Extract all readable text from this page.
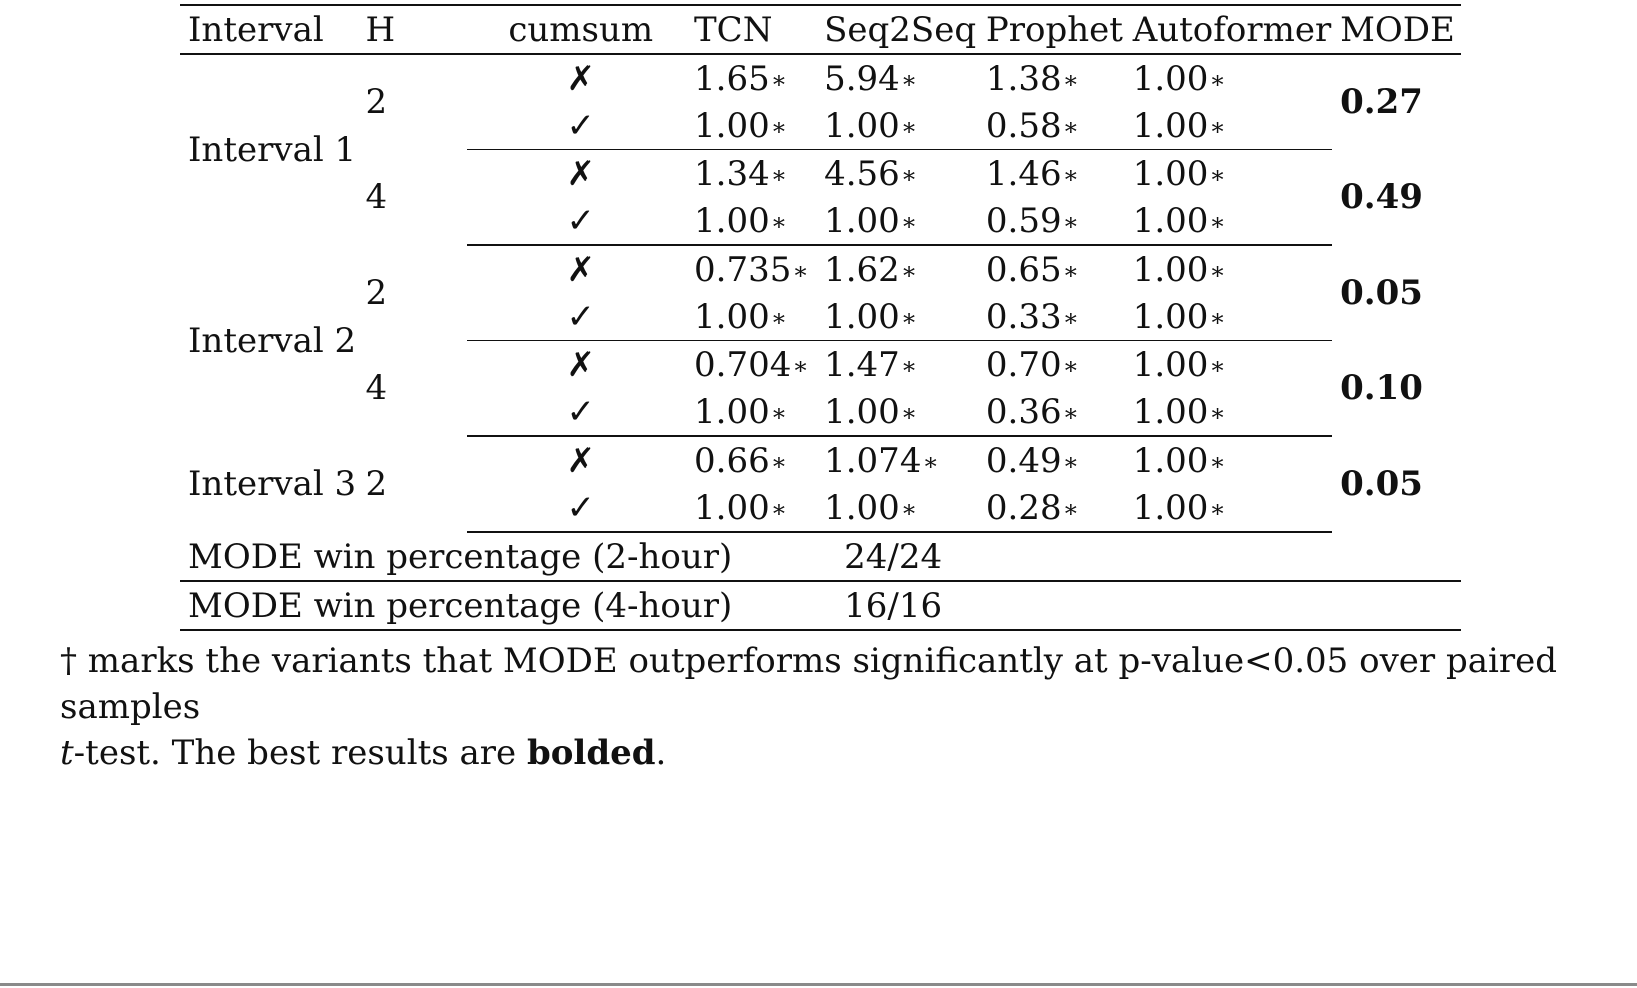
Interval	H	cumsum	TCN	Seq2Seq	Prophet	Autoformer	MODE
Interval 1	2	✗	1.65∗	5.94∗	1.38∗	1.00∗	0.27
		✓	1.00∗	1.00∗	0.58∗	1.00∗	
	4	✗	1.34∗	4.56∗	1.46∗	1.00∗	0.49
		✓	1.00∗	1.00∗	0.59∗	1.00∗	
Interval 2	2	✗	0.735∗	1.62∗	0.65∗	1.00∗	0.05
		✓	1.00∗	1.00∗	0.33∗	1.00∗	
	4	✗	0.704∗	1.47∗	0.70∗	1.00∗	0.10
		✓	1.00∗	1.00∗	0.36∗	1.00∗	
Interval 3	2	✗	0.66∗	1.074∗	0.49∗	1.00∗	0.05
		✓	1.00∗	1.00∗	0.28∗	1.00∗	
MODE win percentage (2-hour)				24/24			
MODE win percentage (4-hour)				16/16			
† marks the variants that MODE outperforms significantly at p-value<0.05 over paired samples
t-test. The best results are bolded.
